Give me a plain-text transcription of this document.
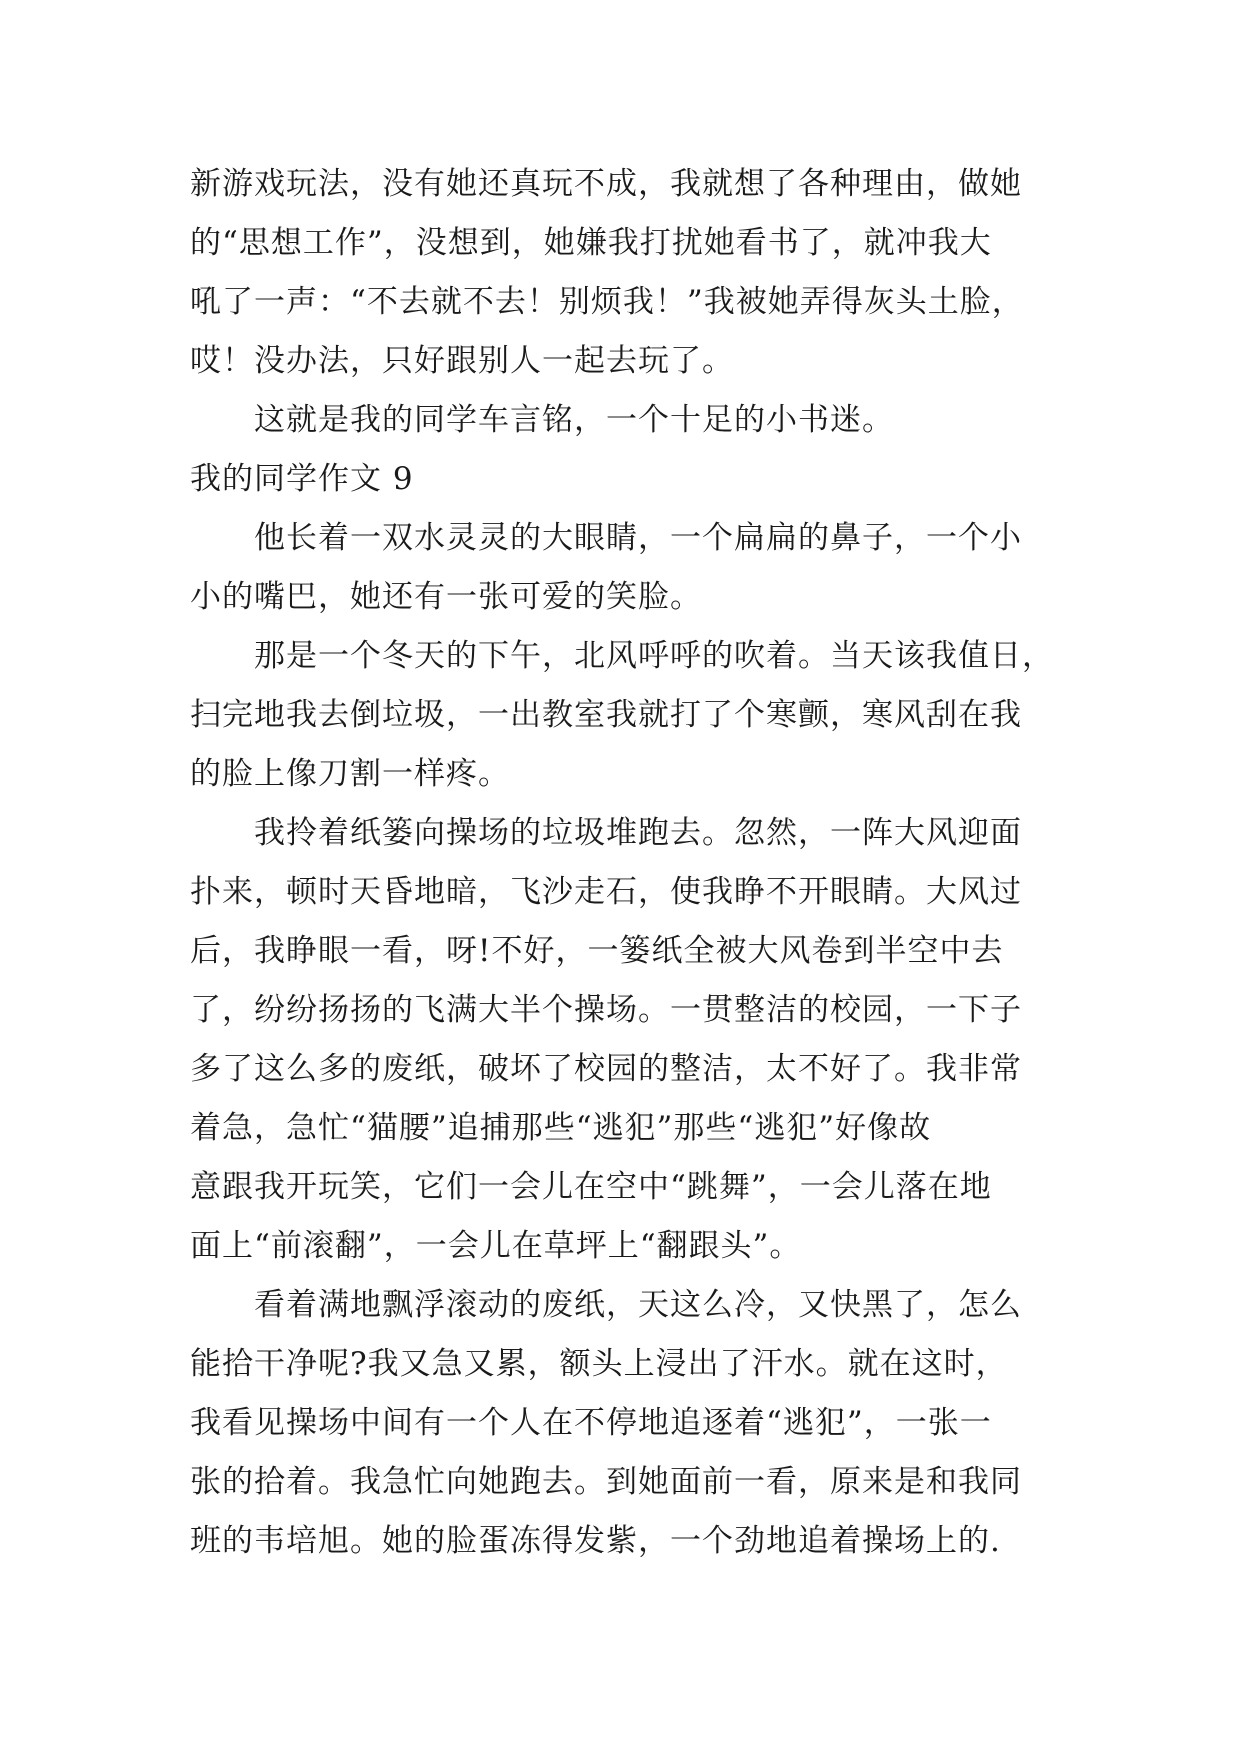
新游戏玩法，没有她还真玩不成，我就想了各种理由，做她
的“思想工作”，没想到，她嫌我打扰她看书了，就冲我大
吼了一声：“不去就不去！别烦我！”我被她弄得灰头土脸，
哎！没办法，只好跟别人一起去玩了。
这就是我的同学车言铭，一个十足的小书迷。
我的同学作文 9
他长着一双水灵灵的大眼睛，一个扁扁的鼻子，一个小
小的嘴巴，她还有一张可爱的笑脸。
那是一个冬天的下午，北风呼呼的吹着。当天该我值日，
扫完地我去倒垃圾，一出教室我就打了个寒颤，寒风刮在我
的脸上像刀割一样疼。
我拎着纸篓向操场的垃圾堆跑去。忽然，一阵大风迎面
扑来，顿时天昏地暗，飞沙走石，使我睁不开眼睛。大风过
后，我睁眼一看，呀!不好，一篓纸全被大风卷到半空中去
了，纷纷扬扬的飞满大半个操场。一贯整洁的校园，一下子
多了这么多的废纸，破坏了校园的整洁，太不好了。我非常
着急，急忙“猫腰”追捕那些“逃犯”那些“逃犯”好像故
意跟我开玩笑，它们一会儿在空中“跳舞”，一会儿落在地
面上“前滚翻”，一会儿在草坪上“翻跟头”。
看着满地飘浮滚动的废纸，天这么冷，又快黑了，怎么
能拾干净呢?我又急又累，额头上浸出了汗水。就在这时，
我看见操场中间有一个人在不停地追逐着“逃犯”，一张一
张的拾着。我急忙向她跑去。到她面前一看，原来是和我同
班的韦培旭。她的脸蛋冻得发紫，一个劲地追着操场上的.
